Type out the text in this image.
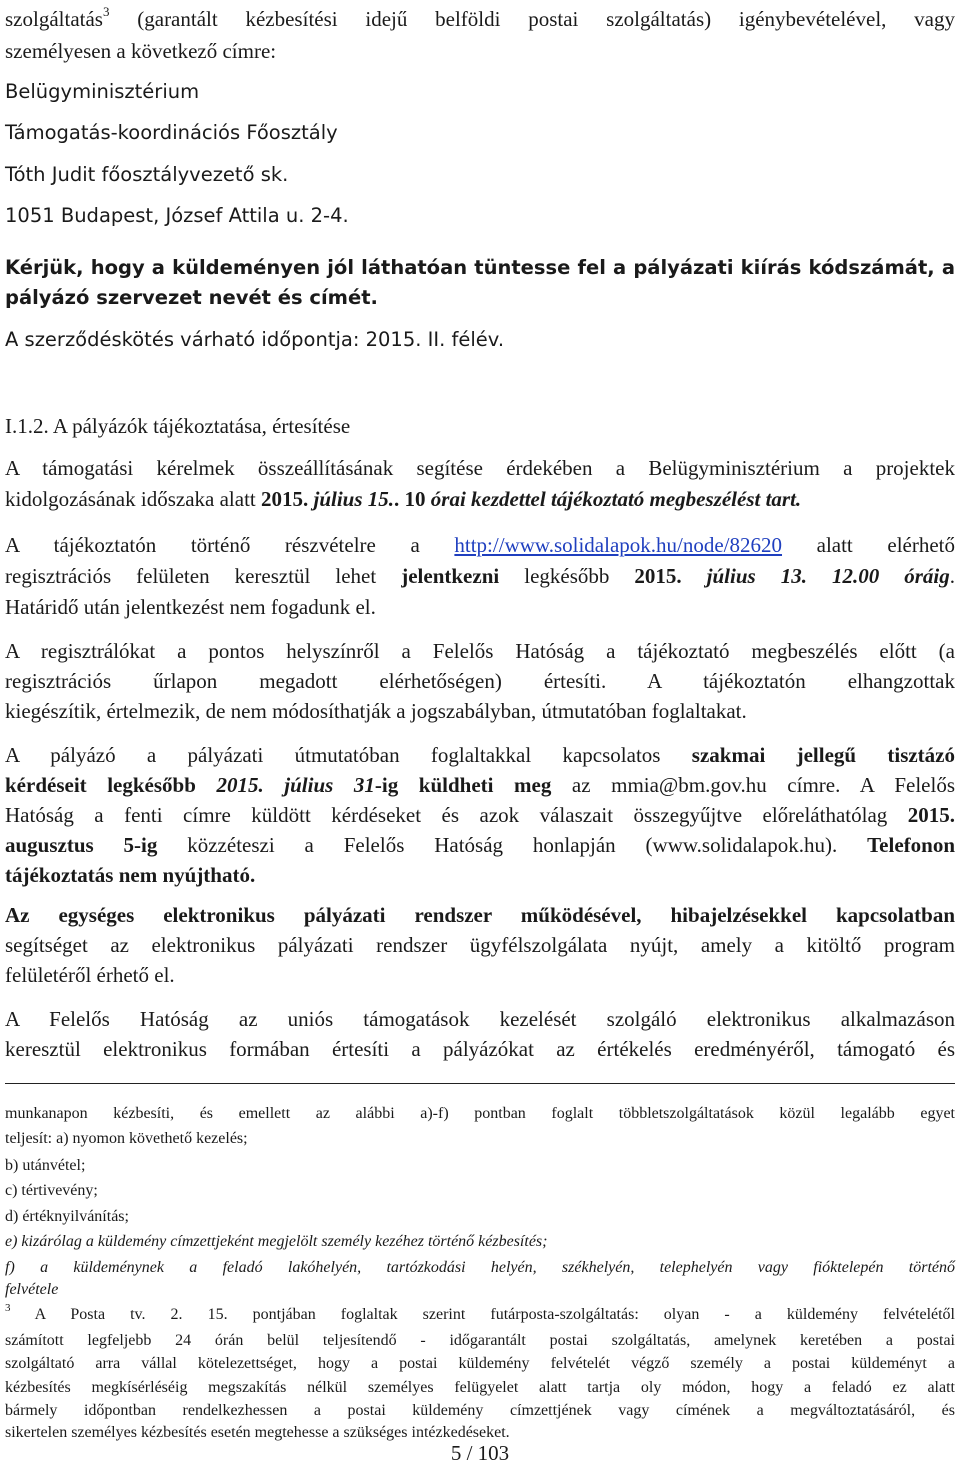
szolgáltatás$^3$ (garantált kézbesítési idejű belföldi postai szolgáltatás) igénybevételével, vagy
személyesen a következő címre:
Belügyminisztérium
Támogatás-koordinációs Főosztály
Tóth Judit főosztályvezető sk.
1051 Budapest, József Attila u. 2-4.
Kérjük, hogy a küldeményen jól láthatóan tüntesse fel a pályázati kiírás kódszámát, a
pályázó szervezet nevét és címét.
A szerződéskötés várható időpontja: 2015. II. félév.
I.1.2. A pályázók tájékoztatása, értesítése
A támogatási kérelmek összeállításának segítése érdekében a Belügyminisztérium a projektek
kidolgozásának időszaka alatt 2015. július 15.. 10 órai kezdettel tájékoztató megbeszélést tart.
A tájékoztatón történő részvételre a http://www.solidalapok.hu/node/82620 alatt elérhető
regisztrációs felületen keresztül lehet jelentkezni legkésőbb 2015. július 13. 12.00 óráig.
Határidő után jelentkezést nem fogadunk el.
A regisztrálókat a pontos helyszínről a Felelős Hatóság a tájékoztató megbeszélés előtt (a
regisztrációs űrlapon megadott elérhetőségen) értesíti. A tájékoztatón elhangzottak
kiegészítik, értelmezik, de nem módosíthatják a jogszabályban, útmutatóban foglaltakat.
A pályázó a pályázati útmutatóban foglaltakkal kapcsolatos szakmai jellegű tisztázó
kérdéseit legkésőbb 2015. július 31-ig küldheti meg az mmia@bm.gov.hu címre. A Felelős
Hatóság a fenti címre küldött kérdéseket és azok válaszait összegyűjtve előreláthatólag 2015.
augusztus 5-ig közzéteszi a Felelős Hatóság honlapján (www.solidalapok.hu). Telefonon
tájékoztatás nem nyújtható.
Az egységes elektronikus pályázati rendszer működésével, hibajelzésekkel kapcsolatban
segítséget az elektronikus pályázati rendszer ügyfélszolgálata nyújt, amely a kitöltő program
felületéről érhető el.
A Felelős Hatóság az uniós támogatások kezelését szolgáló elektronikus alkalmazáson
keresztül elektronikus formában értesíti a pályázókat az értékelés eredményéről, támogató és
munkanapon kézbesíti, és emellett az alábbi a)-f) pontban foglalt többletszolgáltatások közül legalább egyet
teljesít: a) nyomon követhető kezelés;
b) utánvétel;
c) tértivevény;
d) értéknyilvánítás;
e) kizárólag a küldemény címzettjeként megjelölt személy kezéhez történő kézbesítés;
f) a küldeménynek a feladó lakóhelyén, tartózkodási helyén, székhelyén, telephelyén vagy fióktelepén történő
felvétele
$^3$ A Posta tv. 2. 15. pontjában foglaltak szerint futárposta-szolgáltatás: olyan - a küldemény felvételétől
számított legfeljebb 24 órán belül teljesítendő - időgarantált postai szolgáltatás, amelynek keretében a postai
szolgáltató arra vállal kötelezettséget, hogy a postai küldemény felvételét végző személy a postai küldeményt a
kézbesítés megkísérléséig megszakítás nélkül személyes felügyelet alatt tartja oly módon, hogy a feladó ez alatt
bármely időpontban rendelkezhessen a postai küldemény címzettjének vagy címének a megváltoztatásáról, és
sikertelen személyes kézbesítés esetén megtehesse a szükséges intézkedéseket.
5 / 103
